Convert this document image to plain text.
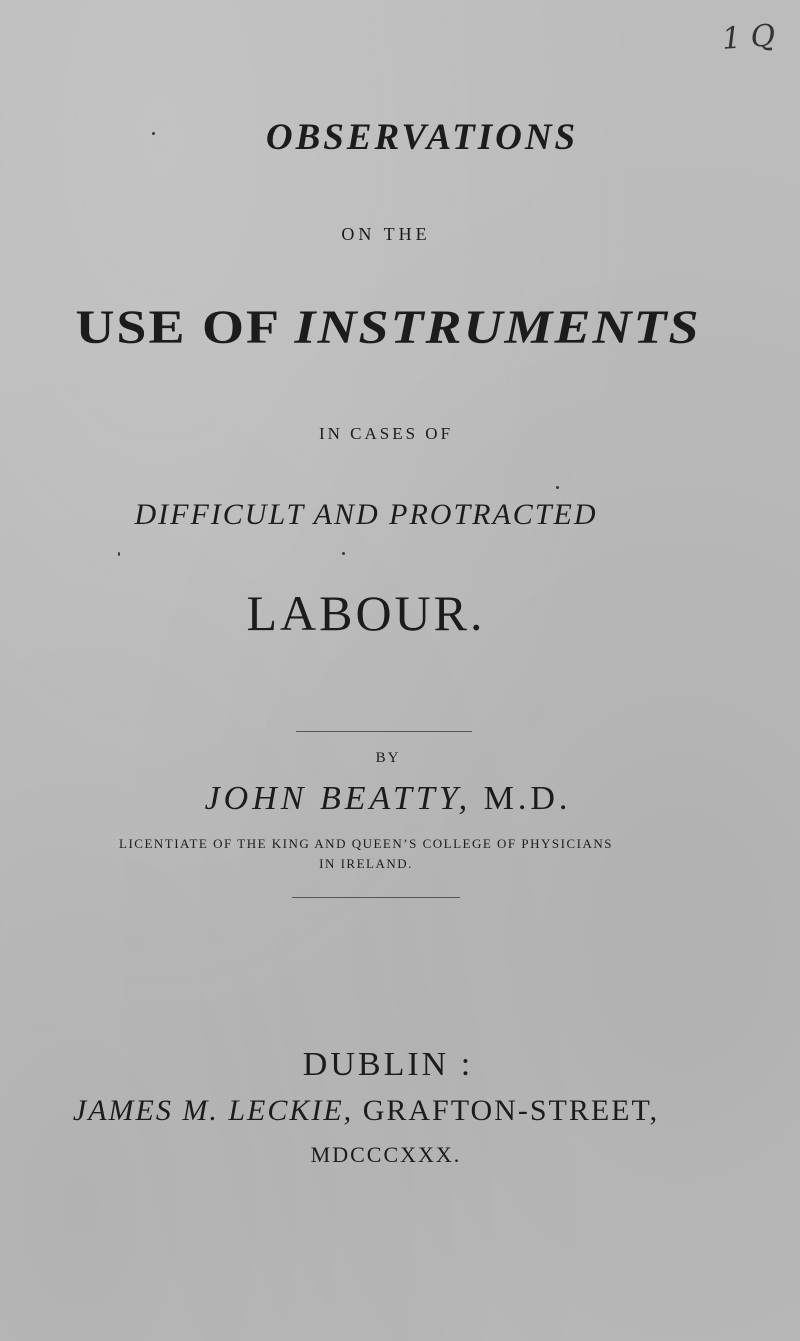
1 Q
OBSERVATIONS
ON THE
USE OF INSTRUMENTS
IN CASES OF
DIFFICULT AND PROTRACTED
LABOUR.
BY
JOHN BEATTY, M.D.
LICENTIATE OF THE KING AND QUEEN’S COLLEGE OF PHYSICIANS
IN IRELAND.
DUBLIN :
JAMES M. LECKIE, GRAFTON-STREET,
MDCCCXXX.
